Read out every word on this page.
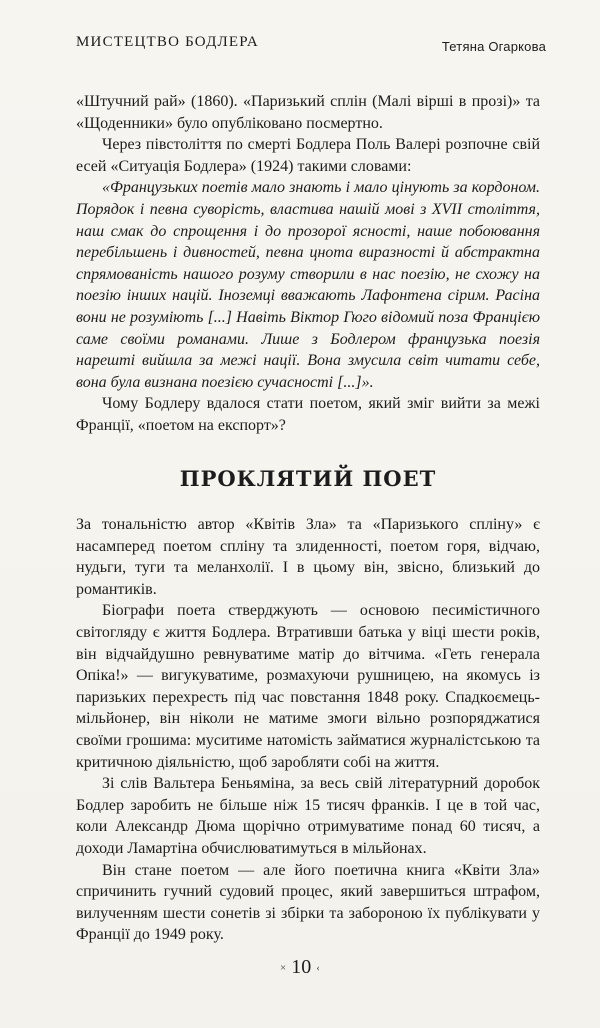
МИСТЕЦТВО БОДЛЕРА	Тетяна Огаркова

«Штучний рай» (1860). «Паризький сплін (Малі вірші в прозі)» та «Щоденники» було опубліковано посмертно.

Через півстоліття по смерті Бодлера Поль Валері розпочне свій есей «Ситуація Бодлера» (1924) такими словами:

«Французьких поетів мало знають і мало цінують за кордоном. Порядок і певна суворість, властива нашій мові з XVII століття, наш смак до спрощення і до прозорої ясності, наше побоювання перебільшень і дивностей, певна цнота виразності й абстрактна спрямованість нашого розуму створили в нас поезію, не схожу на поезію інших націй. Іноземці вважають Лафонтена сірим. Расіна вони не розуміють [...] Навіть Віктор Гюго відомий поза Францією саме своїми романами. Лише з Бодлером французька поезія нарешті вийшла за межі нації. Вона змусила світ читати себе, вона була визнана поезією сучасності [...]».

Чому Бодлеру вдалося стати поетом, який зміг вийти за межі Франції, «поетом на експорт»?

ПРОКЛЯТИЙ ПОЕТ

За тональністю автор «Квітів Зла» та «Паризького спліну» є насамперед поетом спліну та злиденності, поетом горя, відчаю, нудьги, туги та меланхолії. І в цьому він, звісно, близький до романтиків.

Біографи поета стверджують — основою песимістичного світогляду є життя Бодлера. Втративши батька у віці шести років, він відчайдушно ревнуватиме матір до вітчима. «Геть генерала Опіка!» — вигукуватиме, розмахуючи рушницею, на якомусь із паризьких перехресть під час повстання 1848 року. Спадкоємець-мільйонер, він ніколи не матиме змоги вільно розпоряджатися своїми грошима: муситиме натомість займатися журналістською та критичною діяльністю, щоб заробляти собі на життя.

Зі слів Вальтера Беньяміна, за весь свій літературний доробок Бодлер заробить не більше ніж 15 тисяч франків. І це в той час, коли Александр Дюма щорічно отримуватиме понад 60 тисяч, а доходи Ламартіна обчислюватимуться в мільйонах.

Він стане поетом — але його поетична книга «Квіти Зла» спричинить гучний судовий процес, який завершиться штрафом, вилученням шести сонетів зі збірки та забороною їх публікувати у Франції до 1949 року.

× 10 ‹
